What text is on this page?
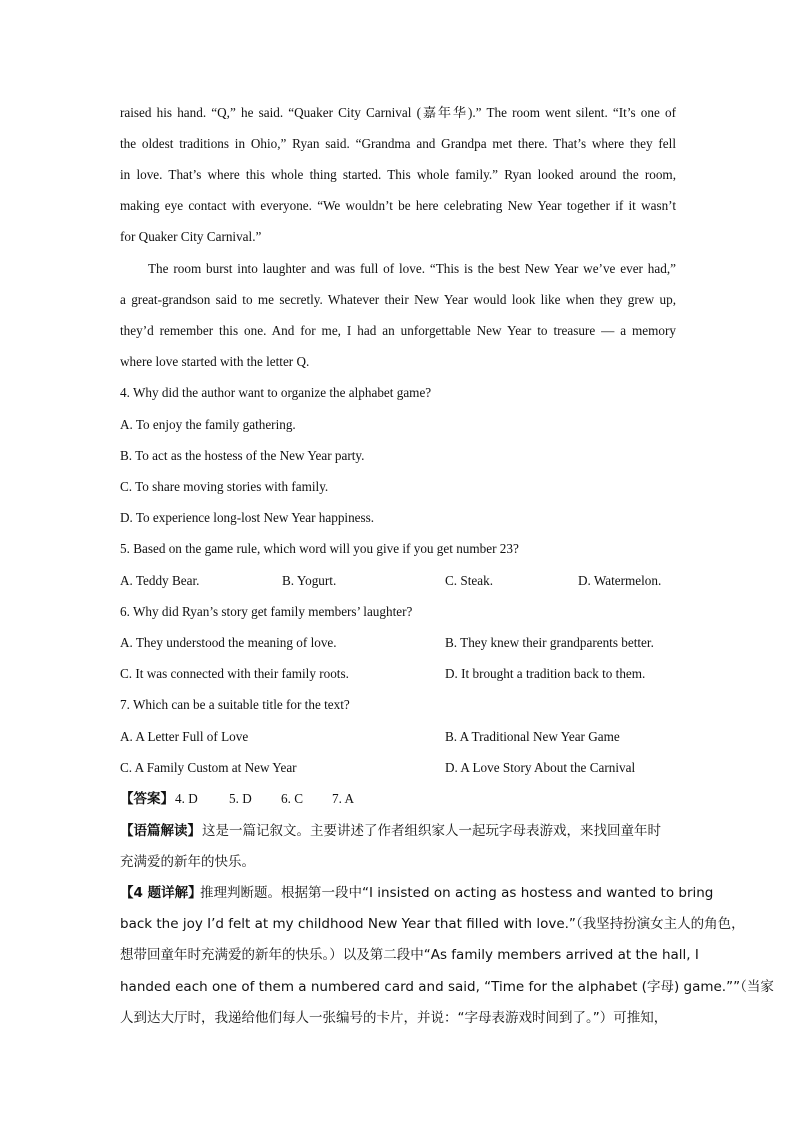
raised his hand. “Q,” he said. “Quaker City Carnival (嘉年华).” The room went silent. “It’s one of
the oldest traditions in Ohio,” Ryan said. “Grandma and Grandpa met there. That’s where they fell
in love. That’s where this whole thing started. This whole family.” Ryan looked around the room,
making eye contact with everyone. “We wouldn’t be here celebrating New Year together if it wasn’t
for Quaker City Carnival.”
The room burst into laughter and was full of love. “This is the best New Year we’ve ever had,”
a great-grandson said to me secretly. Whatever their New Year would look like when they grew up,
they’d remember this one. And for me, I had an unforgettable New Year to treasure — a memory
where love started with the letter Q.
4. Why did the author want to organize the alphabet game?
A. To enjoy the family gathering.
B. To act as the hostess of the New Year party.
C. To share moving stories with family.
D. To experience long-lost New Year happiness.
5. Based on the game rule, which word will you give if you get number 23?
A. Teddy Bear.	B. Yogurt.	C. Steak.	D. Watermelon.
6. Why did Ryan’s story get family members’ laughter?
A. They understood the meaning of love.	B. They knew their grandparents better.
C. It was connected with their family roots.	D. It brought a tradition back to them.
7. Which can be a suitable title for the text?
A. A Letter Full of Love	B. A Traditional New Year Game
C. A Family Custom at New Year	D. A Love Story About the Carnival
【答案】 4. D 5. D 6. C 7. A
【语篇解读】 这是一篇记叙文。主要讲述了作者组织家人一起玩字母表游戏，来找回童年时
充满爱的新年的快乐。
【4 题详解】
推理判断题。根据第一段中“I insisted on acting as hostess and wanted to bring
back the joy I’d felt at my childhood New Year that filled with love.”（我坚持扮演女主人的角色，
想带回童年时充满爱的新年的快乐。）以及第二段中“As family members arrived at the hall, I
handed each one of them a numbered card and said, “Time for the alphabet (字母) game.””（当家
人到达大厅时，我递给他们每人一张编号的卡片，并说：“字母表游戏时间到了。”）可推知，
